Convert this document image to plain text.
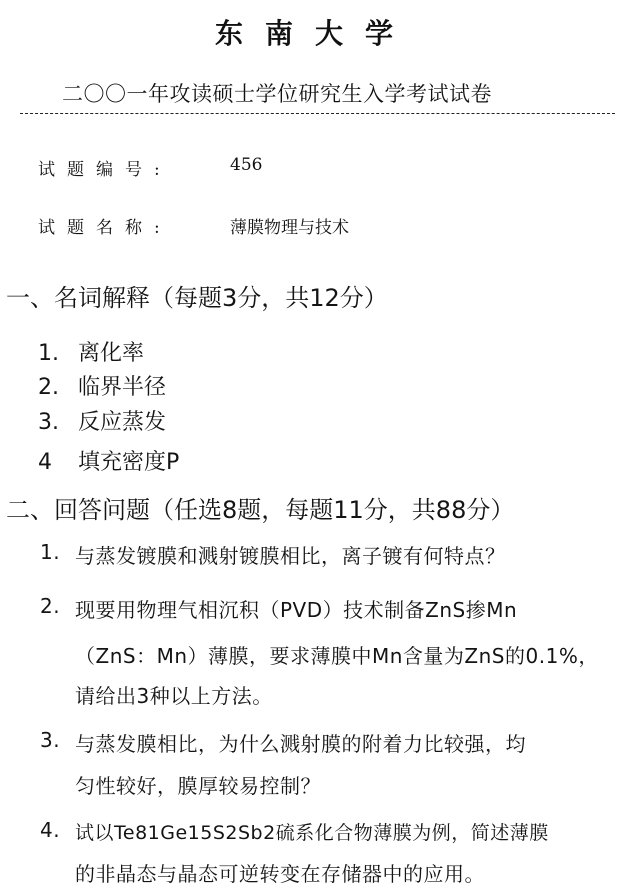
东南大学
二〇〇一年攻读硕士学位研究生入学考试试卷
试题编号:	456
试题名称:	薄膜物理与技术
一、名词解释（每题3分，共12分）
1. 离化率
2. 临界半径
3. 反应蒸发
4 填充密度P
二、回答问题（任选8题，每题11分，共88分）
1. 与蒸发镀膜和溅射镀膜相比，离子镀有何特点？
2. 现要用物理气相沉积（PVD）技术制备ZnS掺Mn
（ZnS：Mn）薄膜，要求薄膜中Mn含量为ZnS的0.1%，
请给出3种以上方法。
3. 与蒸发膜相比，为什么溅射膜的附着力比较强，均
匀性较好，膜厚较易控制？
4. 试以Te81Ge15S2Sb2硫系化合物薄膜为例，简述薄膜
的非晶态与晶态可逆转变在存储器中的应用。
